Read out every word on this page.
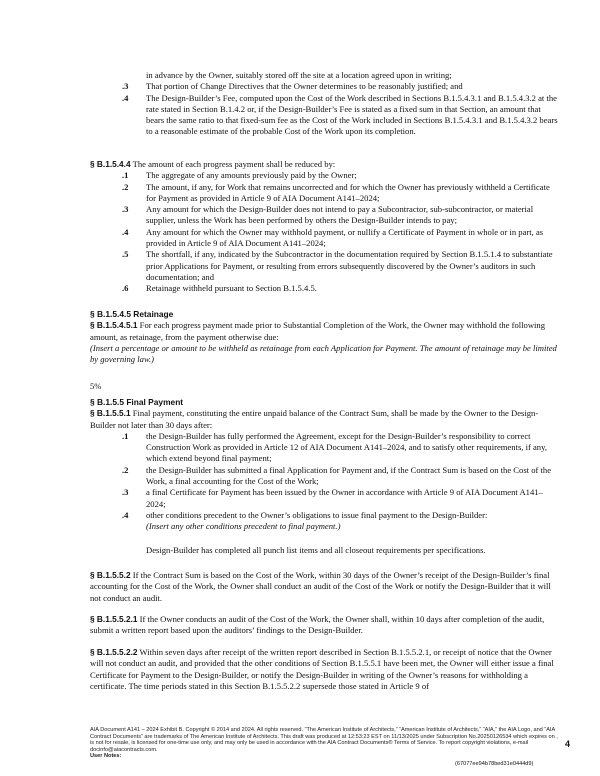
in advance by the Owner, suitably stored off the site at a location agreed upon in writing;
.3 That portion of Change Directives that the Owner determines to be reasonably justified; and
.4 The Design-Builder’s Fee, computed upon the Cost of the Work described in Sections B.1.5.4.3.1 and B.1.5.4.3.2 at the rate stated in Section B.1.4.2 or, if the Design-Builder’s Fee is stated as a fixed sum in that Section, an amount that bears the same ratio to that fixed-sum fee as the Cost of the Work included in Sections B.1.5.4.3.1 and B.1.5.4.3.2 bears to a reasonable estimate of the probable Cost of the Work upon its completion.
§ B.1.5.4.4 The amount of each progress payment shall be reduced by:
.1 The aggregate of any amounts previously paid by the Owner;
.2 The amount, if any, for Work that remains uncorrected and for which the Owner has previously withheld a Certificate for Payment as provided in Article 9 of AIA Document A141–2024;
.3 Any amount for which the Design-Builder does not intend to pay a Subcontractor, sub-subcontractor, or material supplier, unless the Work has been performed by others the Design-Builder intends to pay;
.4 Any amount for which the Owner may withhold payment, or nullify a Certificate of Payment in whole or in part, as provided in Article 9 of AIA Document A141–2024;
.5 The shortfall, if any, indicated by the Subcontractor in the documentation required by Section B.1.5.1.4 to substantiate prior Applications for Payment, or resulting from errors subsequently discovered by the Owner’s auditors in such documentation; and
.6 Retainage withheld pursuant to Section B.1.5.4.5.
§ B.1.5.4.5 Retainage
§ B.1.5.4.5.1 For each progress payment made prior to Substantial Completion of the Work, the Owner may withhold the following amount, as retainage, from the payment otherwise due:
(Insert a percentage or amount to be withheld as retainage from each Application for Payment. The amount of retainage may be limited by governing law.)
5%
§ B.1.5.5 Final Payment
§ B.1.5.5.1 Final payment, constituting the entire unpaid balance of the Contract Sum, shall be made by the Owner to the Design-Builder not later than 30 days after:
.1 the Design-Builder has fully performed the Agreement, except for the Design-Builder’s responsibility to correct Construction Work as provided in Article 12 of AIA Document A141–2024, and to satisfy other requirements, if any, which extend beyond final payment;
.2 the Design-Builder has submitted a final Application for Payment and, if the Contract Sum is based on the Cost of the Work, a final accounting for the Cost of the Work;
.3 a final Certificate for Payment has been issued by the Owner in accordance with Article 9 of AIA Document A141–2024;
.4 other conditions precedent to the Owner’s obligations to issue final payment to the Design-Builder:
(Insert any other conditions precedent to final payment.)
Design-Builder has completed all punch list items and all closeout requirements per specifications.
§ B.1.5.5.2 If the Contract Sum is based on the Cost of the Work, within 30 days of the Owner’s receipt of the Design-Builder’s final accounting for the Cost of the Work, the Owner shall conduct an audit of the Cost of the Work or notify the Design-Builder that it will not conduct an audit.
§ B.1.5.5.2.1 If the Owner conducts an audit of the Cost of the Work, the Owner shall, within 10 days after completion of the audit, submit a written report based upon the auditors’ findings to the Design-Builder.
§ B.1.5.5.2.2 Within seven days after receipt of the written report described in Section B.1.5.5.2.1, or receipt of notice that the Owner will not conduct an audit, and provided that the other conditions of Section B.1.5.5.1 have been met, the Owner will either issue a final Certificate for Payment to the Design-Builder, or notify the Design-Builder in writing of the Owner’s reasons for withholding a certificate. The time periods stated in this Section B.1.5.5.2.2 supersede those stated in Article 9 of
AIA Document A141 – 2024 Exhibit B. Copyright © 2014 and 2024. All rights reserved. “The American Institute of Architects,” “American Institute of Architects,” “AIA,” the AIA Logo, and “AIA Contract Documents” are trademarks of The American Institute of Architects. This draft was produced at 12:53:23 EST on 11/13/2025 under Subscription No.20250126534 which expires on , is not for resale, is licensed for one-time use only, and may only be used in accordance with the AIA Contract Documents® Terms of Service. To report copyright violations, e-mail docinfo@aiacontracts.com.
User Notes:
4
(67077ee94b78bed31e0444d9)
